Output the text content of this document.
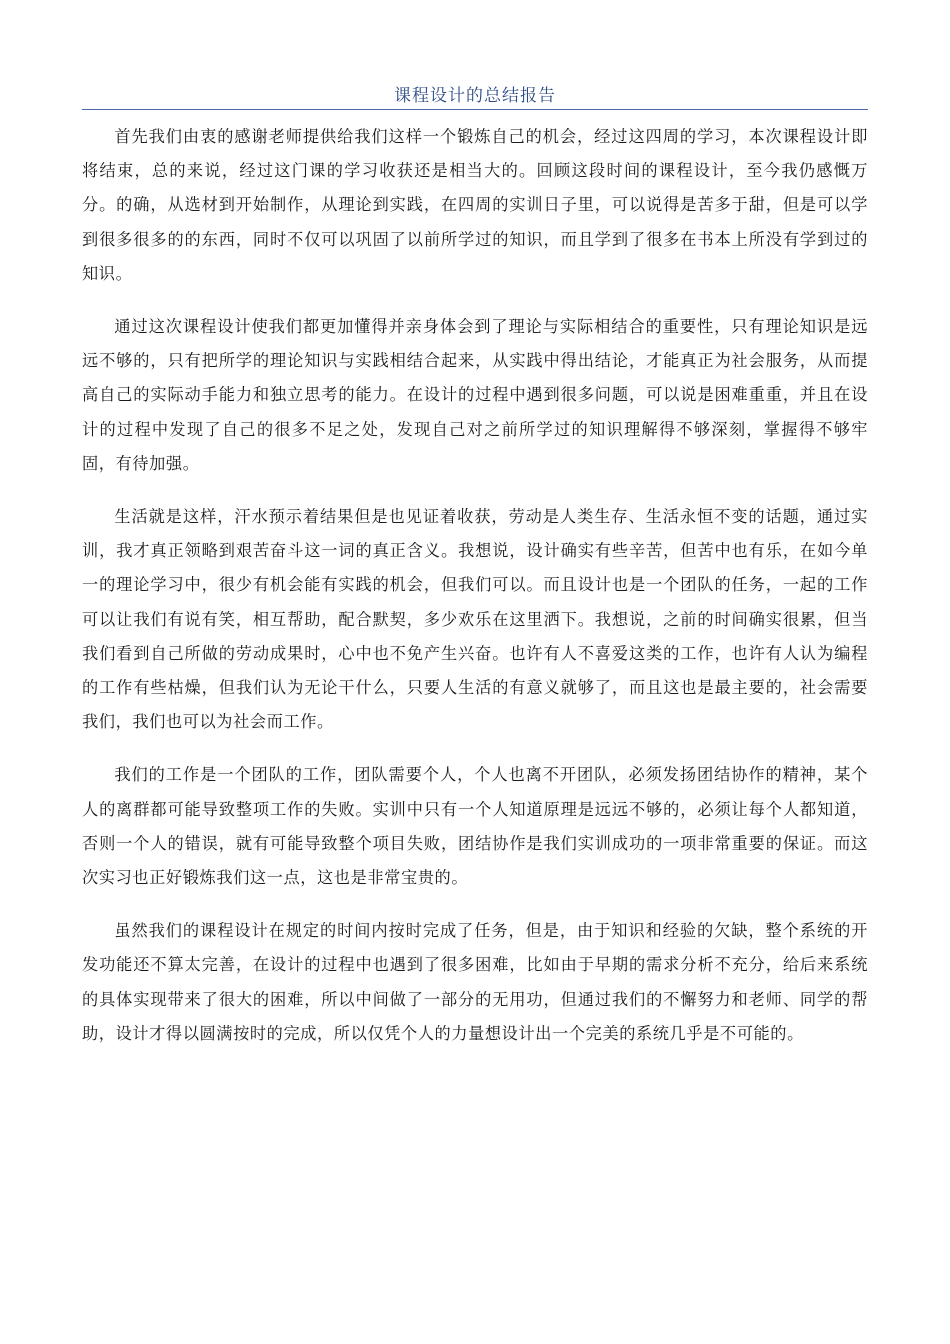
课程设计的总结报告

首先我们由衷的感谢老师提供给我们这样一个锻炼自己的机会，经过这四周的学习，本次课程设计即将结束，总的来说，经过这门课的学习收获还是相当大的。回顾这段时间的课程设计，至今我仍感慨万分。的确，从选材到开始制作，从理论到实践，在四周的实训日子里，可以说得是苦多于甜，但是可以学到很多很多的的东西，同时不仅可以巩固了以前所学过的知识，而且学到了很多在书本上所没有学到过的知识。

通过这次课程设计使我们都更加懂得并亲身体会到了理论与实际相结合的重要性，只有理论知识是远远不够的，只有把所学的理论知识与实践相结合起来，从实践中得出结论，才能真正为社会服务，从而提高自己的实际动手能力和独立思考的能力。在设计的过程中遇到很多问题，可以说是困难重重，并且在设计的过程中发现了自己的很多不足之处，发现自己对之前所学过的知识理解得不够深刻，掌握得不够牢固，有待加强。

生活就是这样，汗水预示着结果但是也见证着收获，劳动是人类生存、生活永恒不变的话题，通过实训，我才真正领略到艰苦奋斗这一词的真正含义。我想说，设计确实有些辛苦，但苦中也有乐，在如今单一的理论学习中，很少有机会能有实践的机会，但我们可以。而且设计也是一个团队的任务，一起的工作可以让我们有说有笑，相互帮助，配合默契，多少欢乐在这里洒下。我想说，之前的时间确实很累，但当我们看到自己所做的劳动成果时，心中也不免产生兴奋。也许有人不喜爱这类的工作，也许有人认为编程的工作有些枯燥，但我们认为无论干什么，只要人生活的有意义就够了，而且这也是最主要的，社会需要我们，我们也可以为社会而工作。

我们的工作是一个团队的工作，团队需要个人，个人也离不开团队，必须发扬团结协作的精神，某个人的离群都可能导致整项工作的失败。实训中只有一个人知道原理是远远不够的，必须让每个人都知道，否则一个人的错误，就有可能导致整个项目失败，团结协作是我们实训成功的一项非常重要的保证。而这次实习也正好锻炼我们这一点，这也是非常宝贵的。

虽然我们的课程设计在规定的时间内按时完成了任务，但是，由于知识和经验的欠缺，整个系统的开发功能还不算太完善，在设计的过程中也遇到了很多困难，比如由于早期的需求分析不充分，给后来系统的具体实现带来了很大的困难，所以中间做了一部分的无用功，但通过我们的不懈努力和老师、同学的帮助，设计才得以圆满按时的完成，所以仅凭个人的力量想设计出一个完美的系统几乎是不可能的。
